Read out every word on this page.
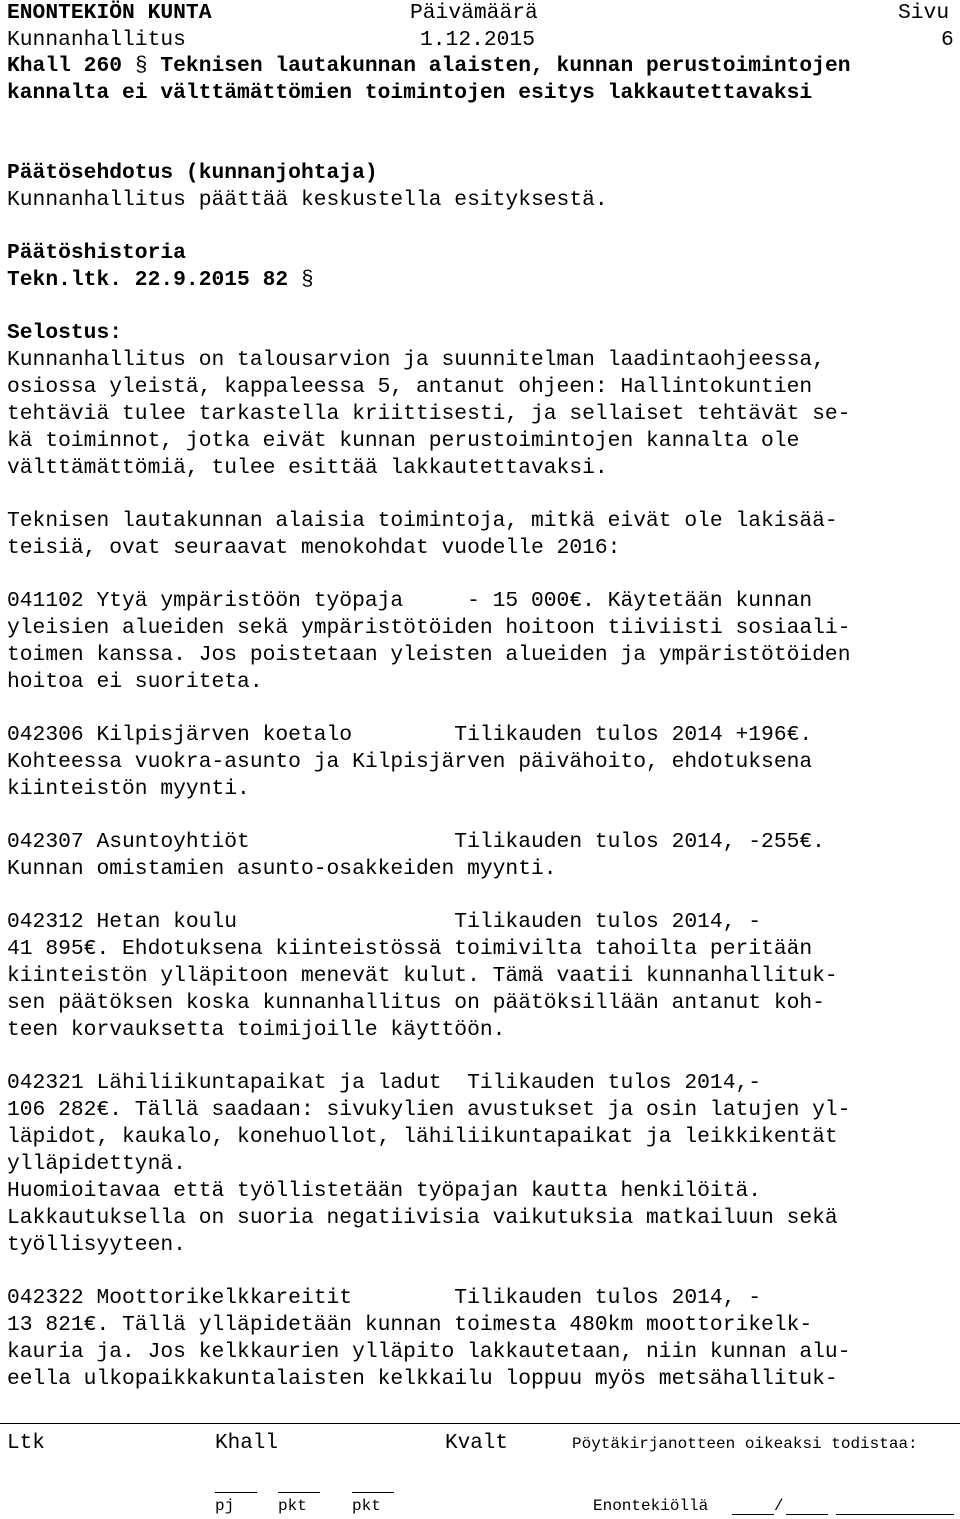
ENONTEKIÖN KUNTA	Päivämäärä	Sivu
Kunnanhallitus	1.12.2015	6
Khall 260 § Teknisen lautakunnan alaisten, kunnan perustoimintojen
kannalta ei välttämättömien toimintojen esitys lakkautettavaksi
Päätösehdotus (kunnanjohtaja)
Kunnanhallitus päättää keskustella esityksestä.
Päätöshistoria
Tekn.ltk. 22.9.2015 82 §
Selostus:
Kunnanhallitus on talousarvion ja suunnitelman laadintaohjeessa,
osiossa yleistä, kappaleessa 5, antanut ohjeen: Hallintokuntien
tehtäviä tulee tarkastella kriittisesti, ja sellaiset tehtävät se-
kä toiminnot, jotka eivät kunnan perustoimintojen kannalta ole
välttämättömiä, tulee esittää lakkautettavaksi.
Teknisen lautakunnan alaisia toimintoja, mitkä eivät ole lakisää-
teisiä, ovat seuraavat menokohdat vuodelle 2016:
041102 Ytyä ympäristöön työpaja     - 15 000€. Käytetään kunnan
yleisien alueiden sekä ympäristötöiden hoitoon tiiviisti sosiaali-
toimen kanssa. Jos poistetaan yleisten alueiden ja ympäristötöiden
hoitoa ei suoriteta.
042306 Kilpisjärven koetalo        Tilikauden tulos 2014 +196€.
Kohteessa vuokra-asunto ja Kilpisjärven päivähoito, ehdotuksena
kiinteistön myynti.
042307 Asuntoyhtiöt                Tilikauden tulos 2014, -255€.
Kunnan omistamien asunto-osakkeiden myynti.
042312 Hetan koulu                 Tilikauden tulos 2014, -
41 895€. Ehdotuksena kiinteistössä toimivilta tahoilta peritään
kiinteistön ylläpitoon menevät kulut. Tämä vaatii kunnanhallituk-
sen päätöksen koska kunnanhallitus on päätöksillään antanut koh-
teen korvauksetta toimijoille käyttöön.
042321 Lähiliikuntapaikat ja ladut  Tilikauden tulos 2014,-
106 282€. Tällä saadaan: sivukylien avustukset ja osin latujen yl-
läpidot, kaukalo, konehuollot, lähiliikuntapaikat ja leikkikentät
ylläpidettynä.
Huomioitavaa että työllistetään työpajan kautta henkilöitä.
Lakkautuksella on suoria negatiivisia vaikutuksia matkailuun sekä
työllisyyteen.
042322 Moottorikelkkareitit        Tilikauden tulos 2014, -
13 821€. Tällä ylläpidetään kunnan toimesta 480km moottorikelk-
kauria ja. Jos kelkkaurien ylläpito lakkautetaan, niin kunnan alu-
eella ulkopaikkakuntalaisten kelkkailu loppuu myös metsähallituk-
Ltk	Khall	Kvalt	Pöytäkirjanotteen oikeaksi todistaa:
pj	pkt	pkt	Enontekiöllä	/
